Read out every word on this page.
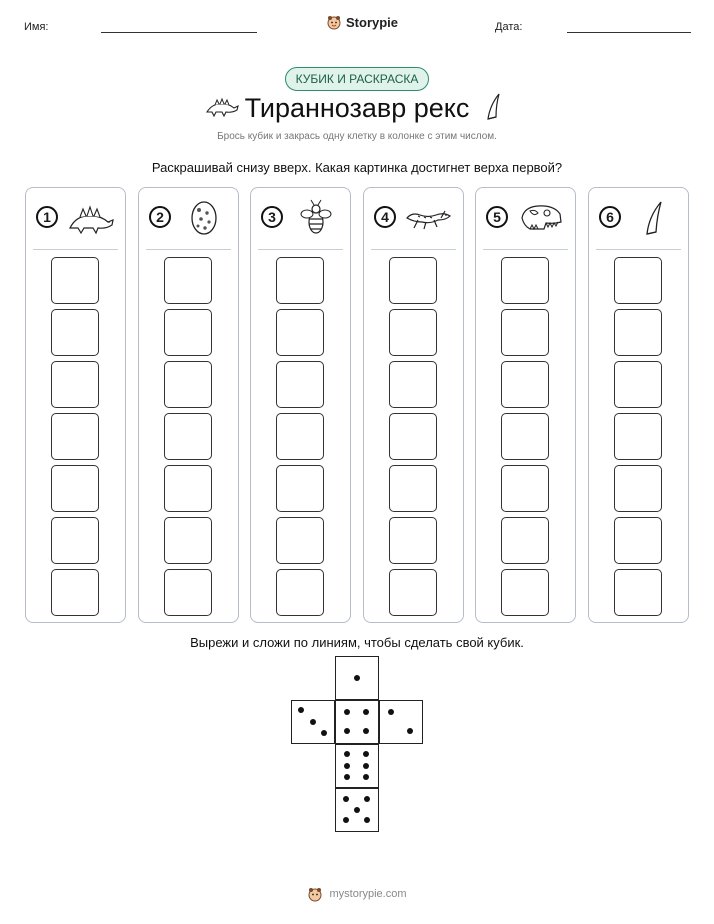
Имя:	Storypie	Дата:
КУБИК И РАСКРАСКА
Тираннозавр рекс
Брось кубик и закрась одну клетку в колонке с этим числом.
Раскрашивай снизу вверх. Какая картинка достигнет верха первой?
1	2	3	4	5	6
Вырежи и сложи по линиям, чтобы сделать свой кубик.
mystorypie.com
